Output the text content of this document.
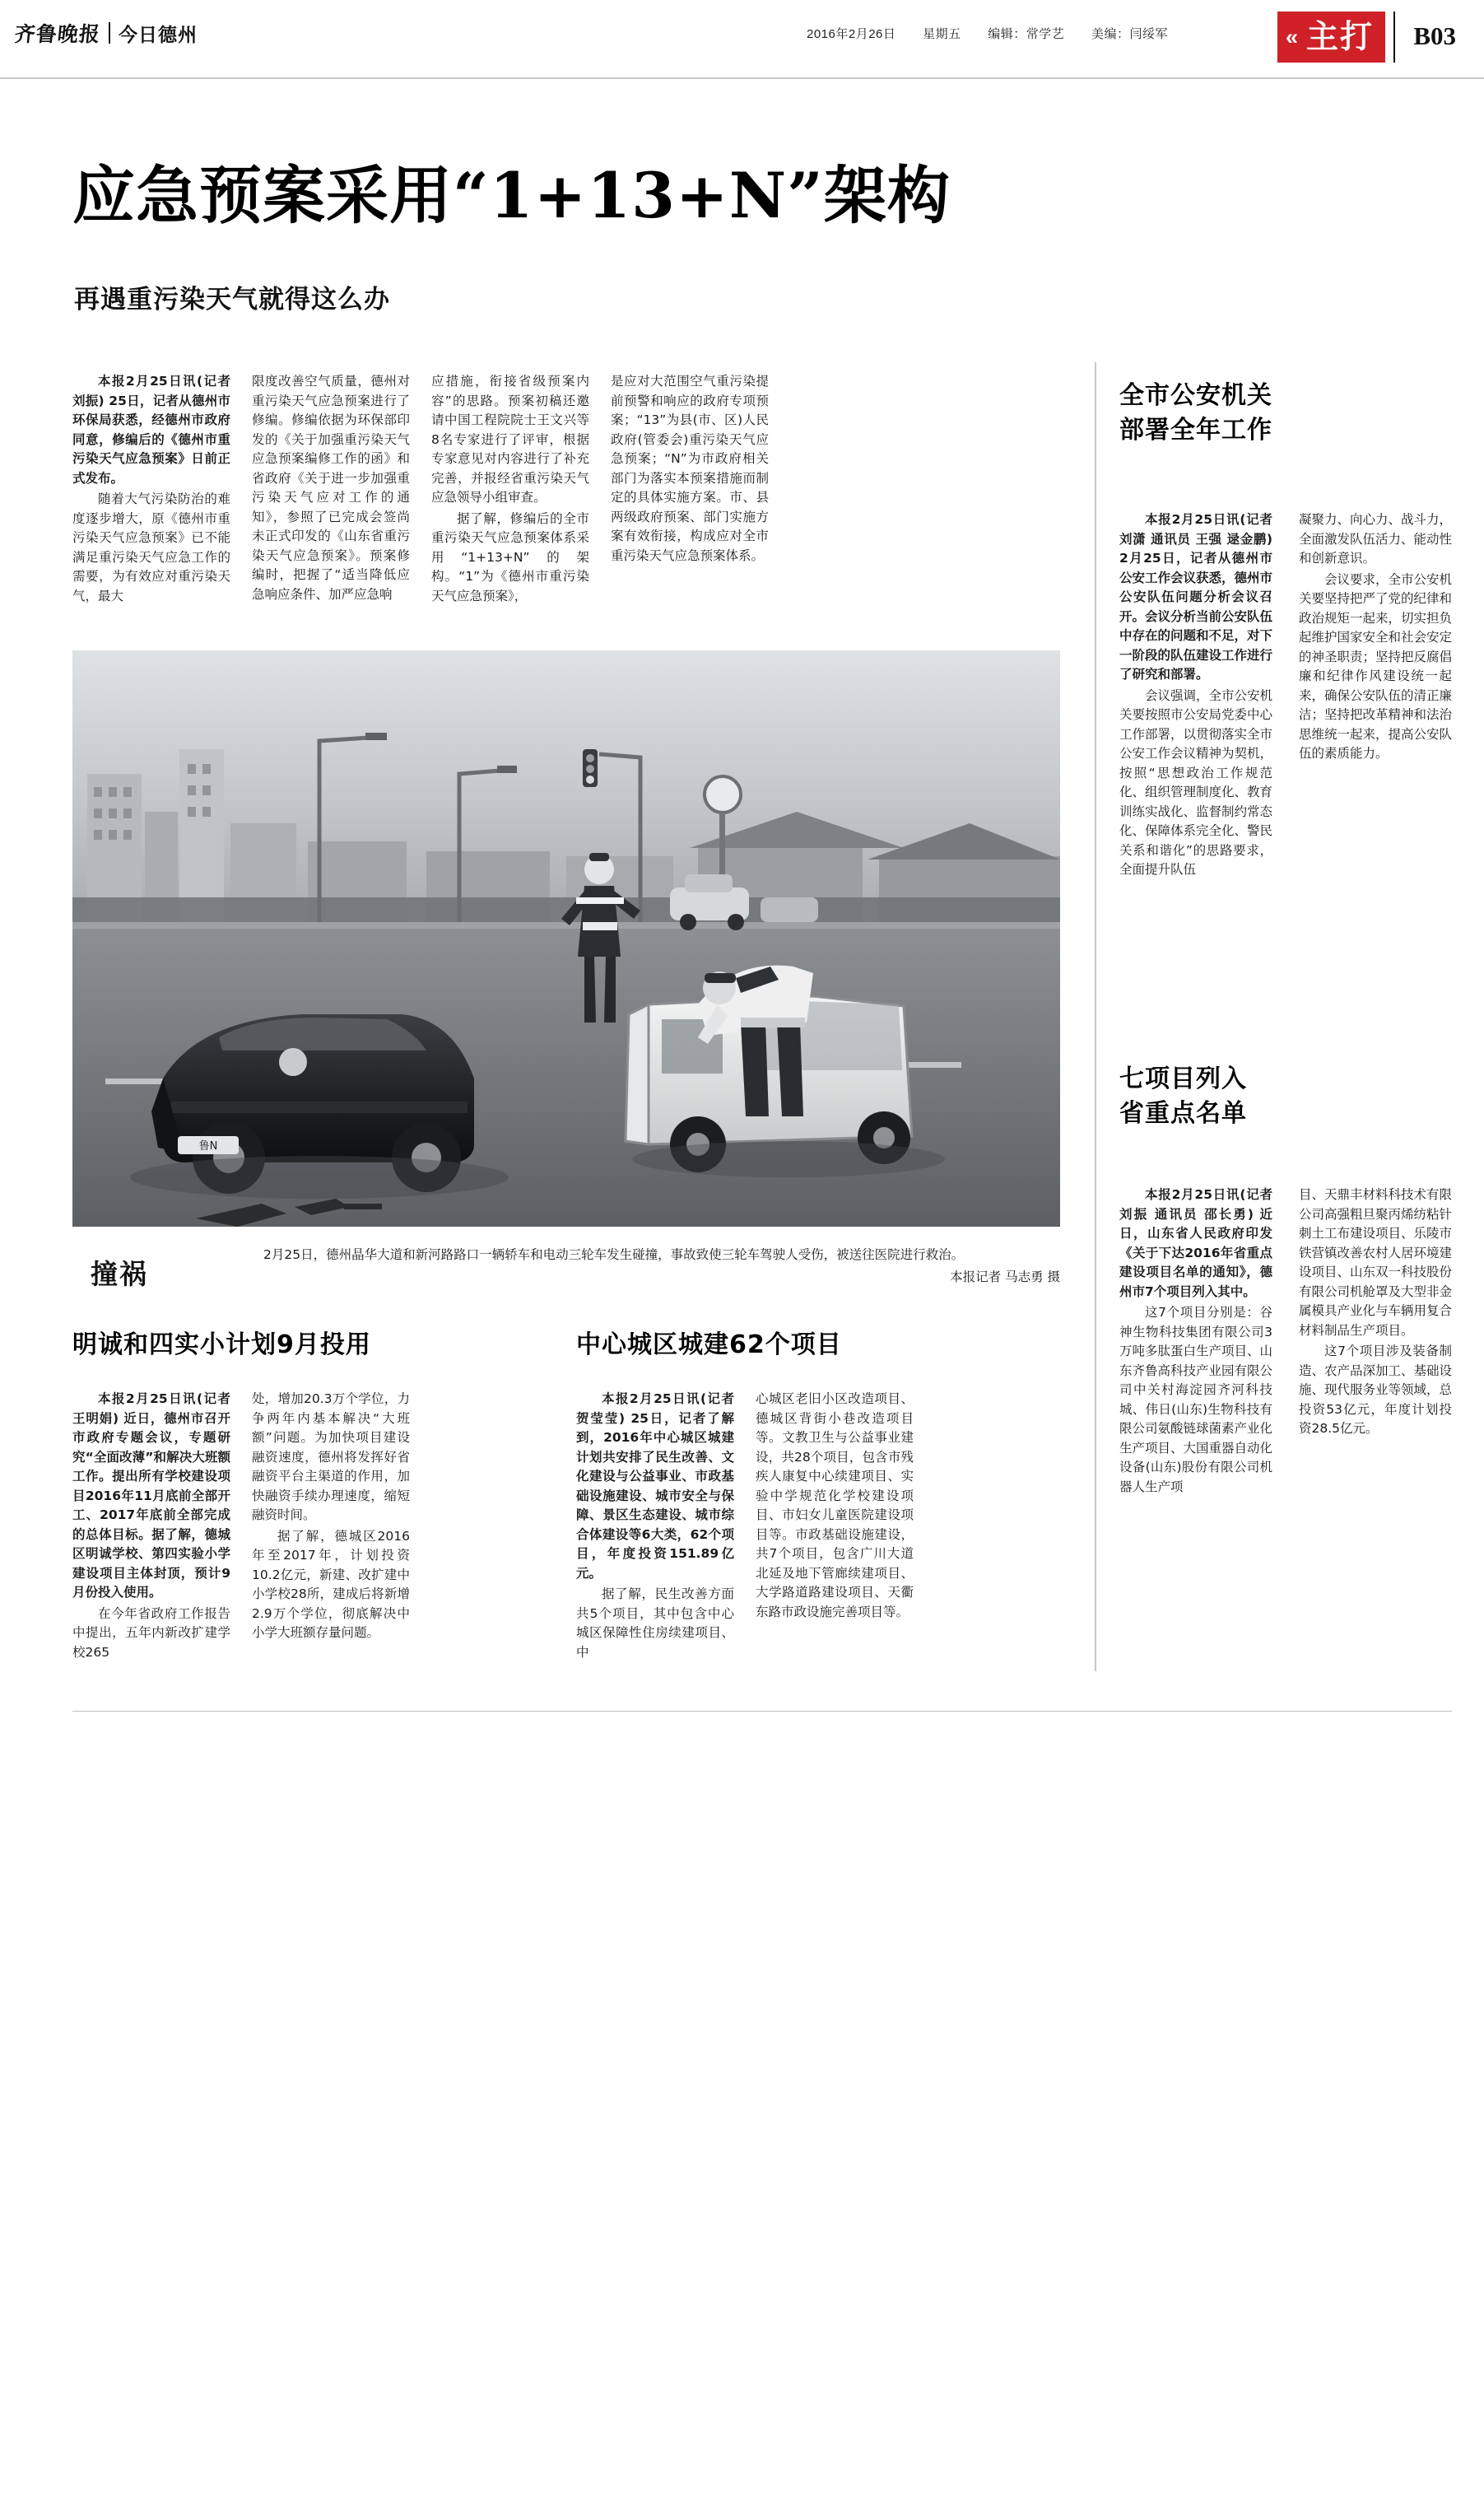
齐鲁晚报 今日德州	2016年2月26日 星期五 编辑：常学艺 美编：闫绥军	« 主打 B03
应急预案采用“1+13+N”架构
再遇重污染天气就得这么办

本报2月25日讯(记者 刘振) 25日，记者从德州市环保局获悉，经德州市政府同意，修编后的《德州市重污染天气应急预案》日前正式发布。

随着大气污染防治的难度逐步增大，原《德州市重污染天气应急预案》已不能满足重污染天气应急工作的需要，为有效应对重污染天气，最大

限度改善空气质量，德州对重污染天气应急预案进行了修编。修编依据为环保部印发的《关于加强重污染天气应急预案编修工作的函》和省政府《关于进一步加强重污染天气应对工作的通知》，参照了已完成会签尚未正式印发的《山东省重污染天气应急预案》。预案修编时，把握了“适当降低应急响应条件、加严应急响

应措施，衔接省级预案内容”的思路。预案初稿还邀请中国工程院院士王文兴等8名专家进行了评审，根据专家意见对内容进行了补充完善，并报经省重污染天气应急领导小组审查。

据了解，修编后的全市重污染天气应急预案体系采用“1+13+N”的架构。“1”为《德州市重污染天气应急预案》，

是应对大范围空气重污染提前预警和响应的政府专项预案；“13”为县(市、区)人民政府(管委会)重污染天气应急预案；“N”为市政府相关部门为落实本预案措施而制定的具体实施方案。市、县两级政府预案、部门实施方案有效衔接，构成应对全市重污染天气应急预案体系。

鲁N
撞祸
2月25日，德州晶华大道和新河路路口一辆轿车和电动三轮车发生碰撞，事故致使三轮车驾驶人受伤，被送往医院进行救治。
本报记者 马志勇 摄
明诚和四实小计划9月投用	中心城区城建62个项目

本报2月25日讯(记者 王明娟) 近日，德州市召开市政府专题会议，专题研究“全面改薄”和解决大班额工作。提出所有学校建设项目2016年11月底前全部开工、2017年底前全部完成的总体目标。据了解，德城区明诚学校、第四实验小学建设项目主体封顶，预计9月份投入使用。

在今年省政府工作报告中提出，五年内新改扩建学校265

处，增加20.3万个学位，力争两年内基本解决“大班额”问题。为加快项目建设融资速度，德州将发挥好省融资平台主渠道的作用，加快融资手续办理速度，缩短融资时间。

据了解，德城区2016年至2017年，计划投资10.2亿元，新建、改扩建中小学校28所，建成后将新增2.9万个学位，彻底解决中小学大班额存量问题。

本报2月25日讯(记者 贺莹莹) 25日，记者了解到，2016年中心城区城建计划共安排了民生改善、文化建设与公益事业、市政基础设施建设、城市安全与保障、景区生态建设、城市综合体建设等6大类，62个项目，年度投资151.89亿元。

据了解，民生改善方面共5个项目，其中包含中心城区保障性住房续建项目、中

心城区老旧小区改造项目、德城区背街小巷改造项目等。文教卫生与公益事业建设，共28个项目，包含市残疾人康复中心续建项目、实验中学规范化学校建设项目、市妇女儿童医院建设项目等。市政基础设施建设，共7个项目，包含广川大道北延及地下管廊续建项目、大学路道路建设项目、天衢东路市政设施完善项目等。

全市公安机关
部署全年工作

本报2月25日讯(记者 刘潇 通讯员 王强 逯金鹏) 2月25日，记者从德州市公安工作会议获悉，德州市公安队伍问题分析会议召开。会议分析当前公安队伍中存在的问题和不足，对下一阶段的队伍建设工作进行了研究和部署。

会议强调，全市公安机关要按照市公安局党委中心工作部署，以贯彻落实全市公安工作会议精神为契机，按照“思想政治工作规范化、组织管理制度化、教育训练实战化、监督制约常态化、保障体系完全化、警民关系和谐化”的思路要求，全面提升队伍

凝聚力、向心力、战斗力，全面激发队伍活力、能动性和创新意识。

会议要求，全市公安机关要坚持把严了党的纪律和政治规矩一起来，切实担负起维护国家安全和社会安定的神圣职责；坚持把反腐倡廉和纪律作风建设统一起来，确保公安队伍的清正廉洁；坚持把改革精神和法治思维统一起来，提高公安队伍的素质能力。

七项目列入
省重点名单

本报2月25日讯(记者 刘振 通讯员 邵长勇) 近日，山东省人民政府印发《关于下达2016年省重点建设项目名单的通知》，德州市7个项目列入其中。

这7个项目分别是：谷神生物科技集团有限公司3万吨多肽蛋白生产项目、山东齐鲁高科技产业园有限公司中关村海淀园齐河科技城、伟日(山东)生物科技有限公司氨酸链球菌素产业化生产项目、大国重器自动化设备(山东)股份有限公司机器人生产项

目、天鼎丰材料科技术有限公司高强粗旦聚丙烯纺粘针刺土工布建设项目、乐陵市铁营镇改善农村人居环境建设项目、山东双一科技股份有限公司机舱罩及大型非金属模具产业化与车辆用复合材料制品生产项目。

这7个项目涉及装备制造、农产品深加工、基础设施、现代服务业等领域，总投资53亿元，年度计划投资28.5亿元。
